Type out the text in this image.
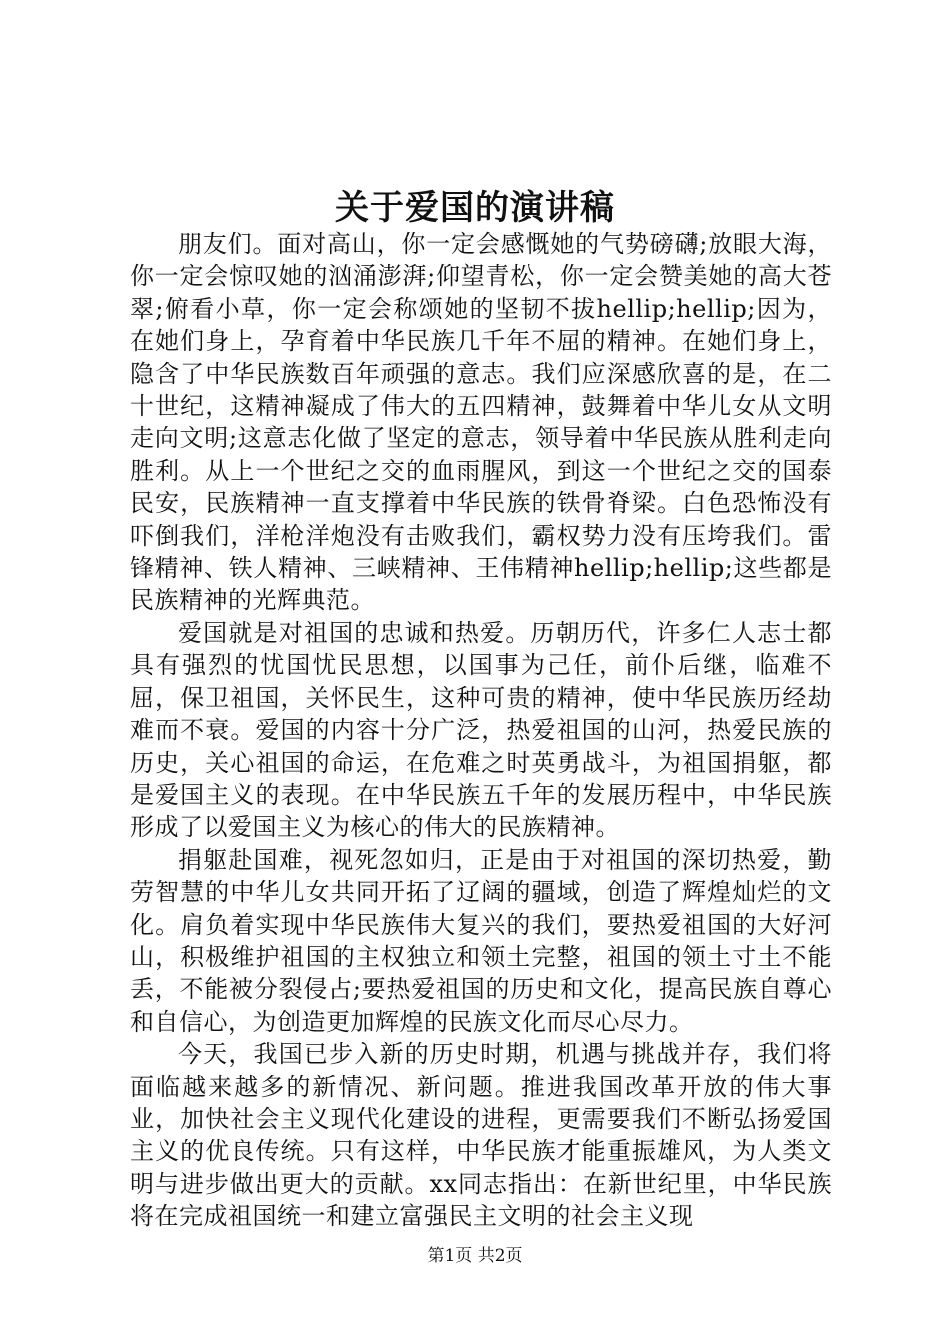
关于爱国的演讲稿

朋友们。面对高山，你一定会感慨她的气势磅礴;放眼大海，你一定会惊叹她的汹涌澎湃;仰望青松，你一定会赞美她的高大苍翠;俯看小草，你一定会称颂她的坚韧不拔hellip;hellip;因为，在她们身上，孕育着中华民族几千年不屈的精神。在她们身上，隐含了中华民族数百年顽强的意志。我们应深感欣喜的是，在二十世纪，这精神凝成了伟大的五四精神，鼓舞着中华儿女从文明走向文明;这意志化做了坚定的意志，领导着中华民族从胜利走向胜利。从上一个世纪之交的血雨腥风，到这一个世纪之交的国泰民安，民族精神一直支撑着中华民族的铁骨脊梁。白色恐怖没有吓倒我们，洋枪洋炮没有击败我们，霸权势力没有压垮我们。雷锋精神、铁人精神、三峡精神、王伟精神hellip;hellip;这些都是民族精神的光辉典范。

爱国就是对祖国的忠诚和热爱。历朝历代，许多仁人志士都具有强烈的忧国忧民思想，以国事为己任，前仆后继，临难不屈，保卫祖国，关怀民生，这种可贵的精神，使中华民族历经劫难而不衰。爱国的内容十分广泛，热爱祖国的山河，热爱民族的历史，关心祖国的命运，在危难之时英勇战斗，为祖国捐躯，都是爱国主义的表现。在中华民族五千年的发展历程中，中华民族形成了以爱国主义为核心的伟大的民族精神。

捐躯赴国难，视死忽如归，正是由于对祖国的深切热爱，勤劳智慧的中华儿女共同开拓了辽阔的疆域，创造了辉煌灿烂的文化。肩负着实现中华民族伟大复兴的我们，要热爱祖国的大好河山，积极维护祖国的主权独立和领土完整，祖国的领土寸土不能丢，不能被分裂侵占;要热爱祖国的历史和文化，提高民族自尊心和自信心，为创造更加辉煌的民族文化而尽心尽力。

今天，我国已步入新的历史时期，机遇与挑战并存，我们将面临越来越多的新情况、新问题。推进我国改革开放的伟大事业，加快社会主义现代化建设的进程，更需要我们不断弘扬爱国主义的优良传统。只有这样，中华民族才能重振雄风，为人类文明与进步做出更大的贡献。xx同志指出：在新世纪里，中华民族将在完成祖国统一和建立富强民主文明的社会主义现

第1页 共2页
